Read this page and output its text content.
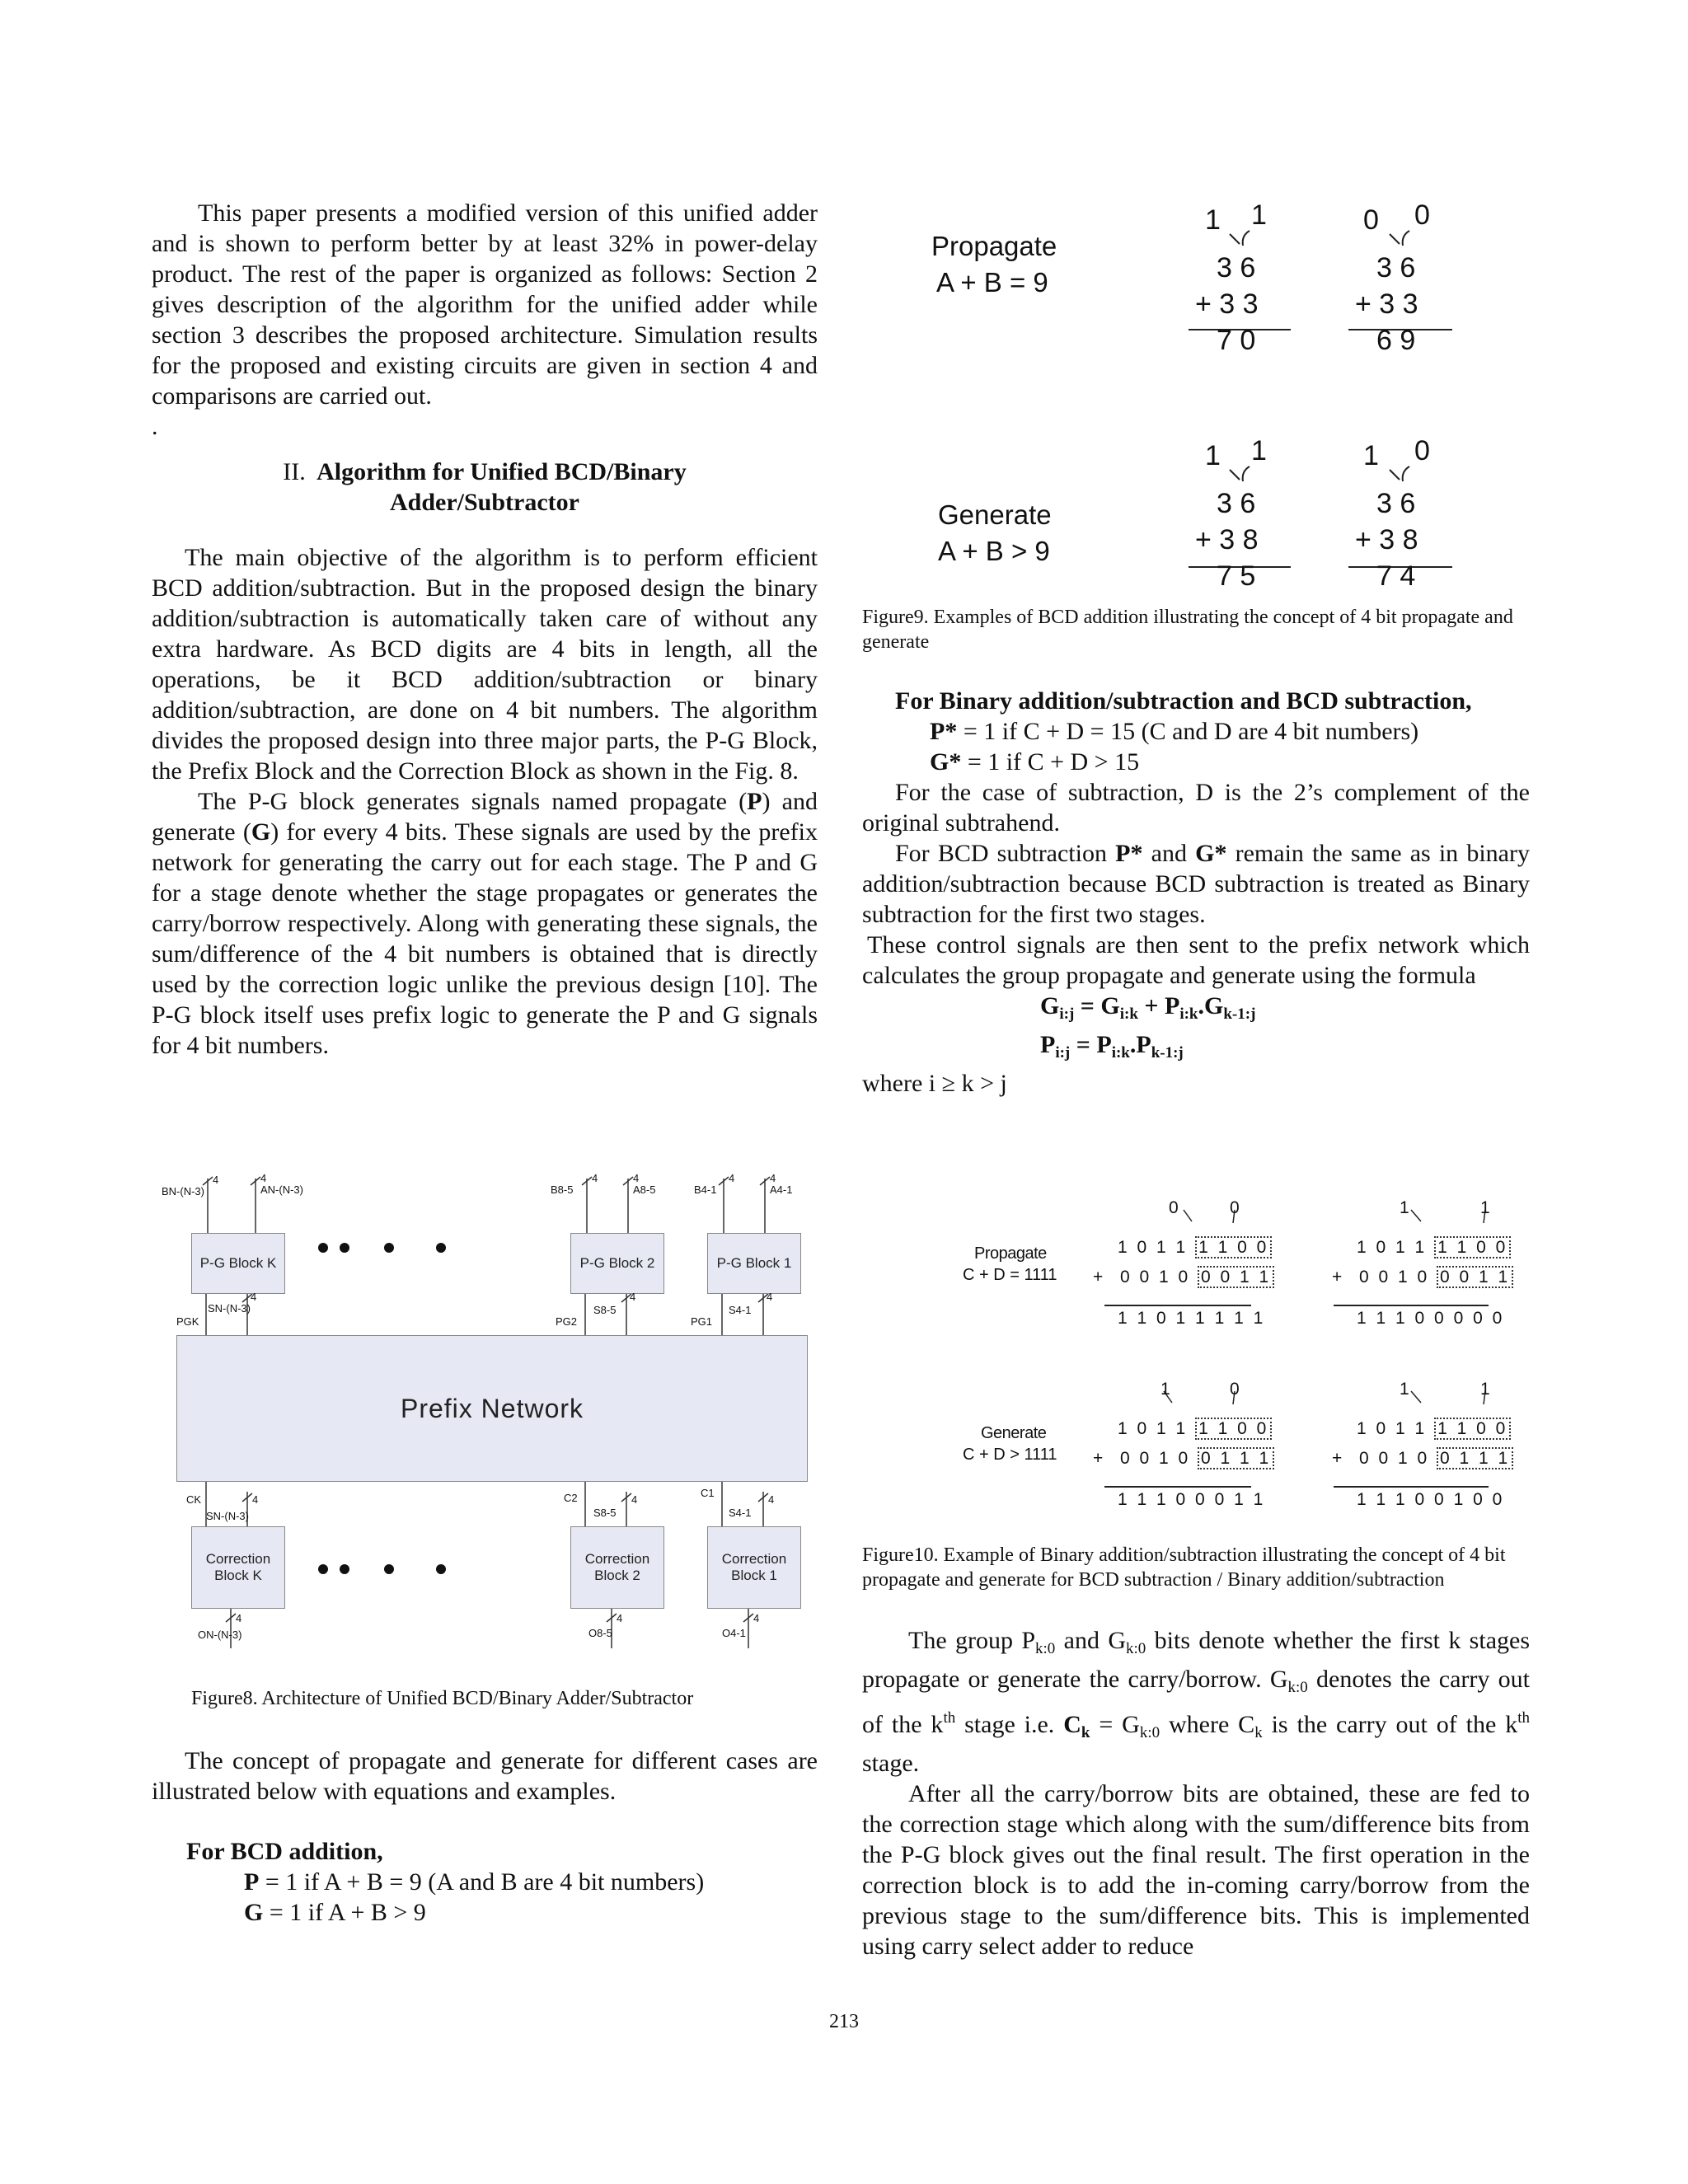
This paper presents a modified version of this unified adder and is shown to perform better by at least 32% in power-delay product. The rest of the paper is organized as follows: Section 2 gives description of the algorithm for the unified adder while section 3 describes the proposed architecture. Simulation results for the proposed and existing circuits are given in section 4 and comparisons are carried out.

.

II. Algorithm for Unified BCD/Binary
Adder/Subtractor

The main objective of the algorithm is to perform efficient BCD addition/subtraction. But in the proposed design the binary addition/subtraction is automatically taken care of without any extra hardware. As BCD digits are 4 bits in length, all the operations, be it BCD addition/subtraction or binary addition/subtraction, are done on 4 bit numbers. The algorithm divides the proposed design into three major parts, the P-G Block, the Prefix Block and the Correction Block as shown in the Fig. 8.

The P-G block generates signals named propagate (P) and generate (G) for every 4 bits. These signals are used by the prefix network for generating the carry out for each stage. The P and G for a stage denote whether the stage propagates or generates the carry/borrow respectively. Along with generating these signals, the sum/difference of the 4 bit numbers is obtained that is directly used by the correction logic unlike the previous design [10]. The P-G block itself uses prefix logic to generate the P and G signals for 4 bit numbers.

P-G Block K	P-G Block 2	P-G Block 1
Prefix Network
Correction
Block K
Correction
Block 2
Correction
Block 1
BN-(N-3)	AN-(N-3)
4	4
B8-5	A8-5
4	4
B4-1	A4-1
4	4
SN-(N-3)
4
PGK
S8-5
4
PG2
S4-1
4
PG1
CK
SN-(N-3)
4	C2
S8-5
4
C1
S4-1
4
ON-(N-3)
4
O8-5
4
O4-1
4
Figure8. Architecture of Unified BCD/Binary Adder/Subtractor

The concept of propagate and generate for different cases are illustrated below with equations and examples.

For BCD addition,

P = 1 if A + B = 9 (A and B are 4 bit numbers)

G = 1 if A + B > 9

Propagate
A + B = 9
Generate
A + B > 9
1 1
3 6
+ 3 3
7 0
0 0
3 6
+ 3 3
6 9
1 1
3 6
+ 3 8
7 5
1 0
3 6
+ 3 8
7 4
Figure9. Examples of BCD addition illustrating the concept of 4 bit propagate and generate

For Binary addition/subtraction and BCD subtraction,

P* = 1 if C + D = 15 (C and D are 4 bit numbers)

G* = 1 if C + D > 15

For the case of subtraction, D is the 2’s complement of the original subtrahend.

For BCD subtraction P* and G* remain the same as in binary addition/subtraction because BCD subtraction is treated as Binary subtraction for the first two stages.

These control signals are then sent to the prefix network which calculates the group propagate and generate using the formula

$G_{i:j} = G_{i:k} + P_{i:k}.G_{k-1:j}$

$P_{i:j} = P_{i:k}.P_{k-1:j}$

where i ≥ k > j

Propagate
C + D = 1111
Generate
C + D > 1111
0	0
1 0 1 1 1 1 0 0
+ 0 0 1 0 0 0 1 1
1 1 0 1 1 1 1 1
1	1
1 0 1 1 1 1 0 0
+ 0 0 1 0 0 0 1 1
1 1 1 0 0 0 0 0
1	0
1 0 1 1 1 1 0 0
+ 0 0 1 0 0 1 1 1
1 1 1 0 0 0 1 1
1	1
1 0 1 1 1 1 0 0
+ 0 0 1 0 0 1 1 1
1 1 1 0 0 1 0 0
Figure10. Example of Binary addition/subtraction illustrating the concept of 4 bit propagate and generate for BCD subtraction / Binary addition/subtraction

The group $P_{k:0}$ and $G_{k:0}$ bits denote whether the first k stages propagate or generate the carry/borrow. $G_{k:0}$ denotes the carry out of the $k^{th}$ stage i.e. $C_k = G_{k:0}$ where $C_k$ is the carry out of the $k^{th}$ stage.

After all the carry/borrow bits are obtained, these are fed to the correction stage which along with the sum/difference bits from the P-G block gives out the final result. The first operation in the correction block is to add the in-coming carry/borrow from the previous stage to the sum/difference bits. This is implemented using carry select adder to reduce

213
